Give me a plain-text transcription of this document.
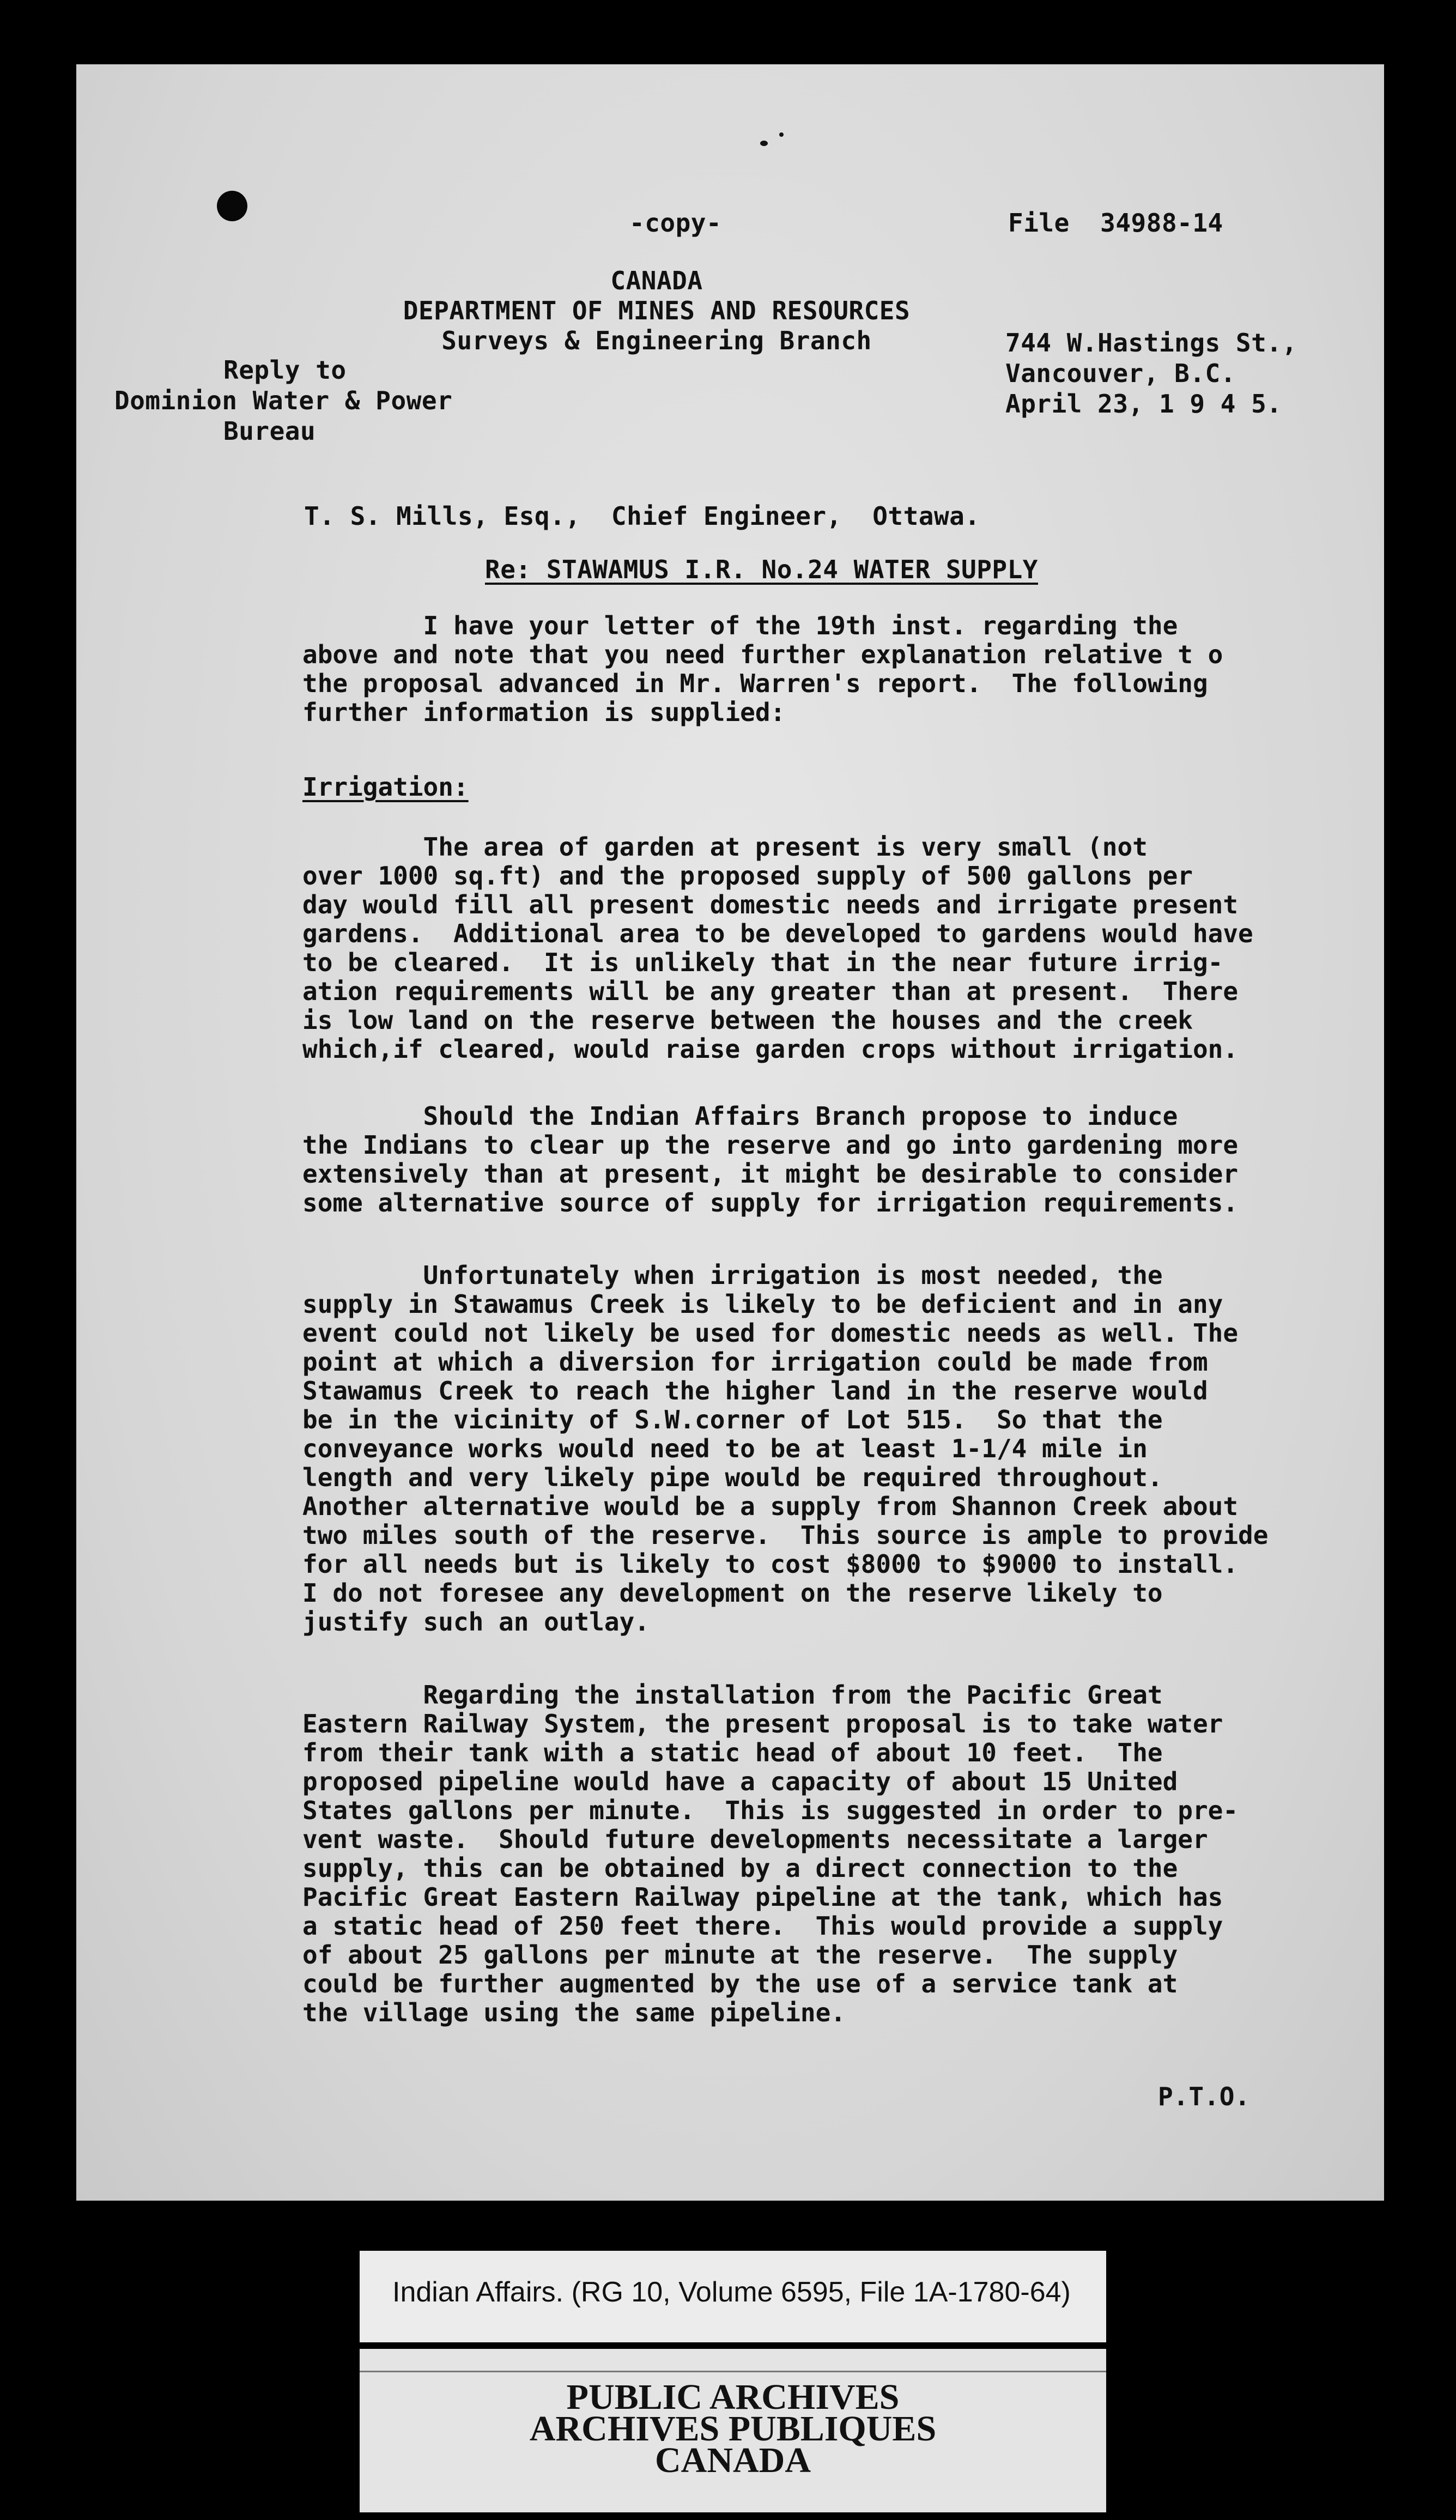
-copy-	File  34988-14
CANADA
DEPARTMENT OF MINES AND RESOURCES
Surveys & Engineering Branch
Reply to
Dominion Water & Power
Bureau
744 W.Hastings St.,
Vancouver, B.C.
April 23, 1 9 4 5.
T. S. Mills, Esq.,  Chief Engineer,  Ottawa.
Re: STAWAMUS I.R. No.24 WATER SUPPLY
I have your letter of the 19th inst. regarding the
above and note that you need further explanation relative t o
the proposal advanced in Mr. Warren's report.  The following
further information is supplied:
Irrigation:
The area of garden at present is very small (not
over 1000 sq.ft) and the proposed supply of 500 gallons per
day would fill all present domestic needs and irrigate present
gardens.  Additional area to be developed to gardens would have
to be cleared.  It is unlikely that in the near future irrig-
ation requirements will be any greater than at present.  There
is low land on the reserve between the houses and the creek
which,if cleared, would raise garden crops without irrigation.
Should the Indian Affairs Branch propose to induce
the Indians to clear up the reserve and go into gardening more
extensively than at present, it might be desirable to consider
some alternative source of supply for irrigation requirements.
Unfortunately when irrigation is most needed, the
supply in Stawamus Creek is likely to be deficient and in any
event could not likely be used for domestic needs as well. The
point at which a diversion for irrigation could be made from
Stawamus Creek to reach the higher land in the reserve would
be in the vicinity of S.W.corner of Lot 515.  So that the
conveyance works would need to be at least 1-1/4 mile in
length and very likely pipe would be required throughout.
Another alternative would be a supply from Shannon Creek about
two miles south of the reserve.  This source is ample to provide
for all needs but is likely to cost $8000 to $9000 to install.
I do not foresee any development on the reserve likely to
justify such an outlay.
Regarding the installation from the Pacific Great
Eastern Railway System, the present proposal is to take water
from their tank with a static head of about 10 feet.  The
proposed pipeline would have a capacity of about 15 United
States gallons per minute.  This is suggested in order to pre-
vent waste.  Should future developments necessitate a larger
supply, this can be obtained by a direct connection to the
Pacific Great Eastern Railway pipeline at the tank, which has
a static head of 250 feet there.  This would provide a supply
of about 25 gallons per minute at the reserve.  The supply
could be further augmented by the use of a service tank at
the village using the same pipeline.
P.T.O.
Indian Affairs. (RG 10, Volume 6595, File 1A-1780-64)
PUBLIC ARCHIVES
ARCHIVES PUBLIQUES
CANADA
